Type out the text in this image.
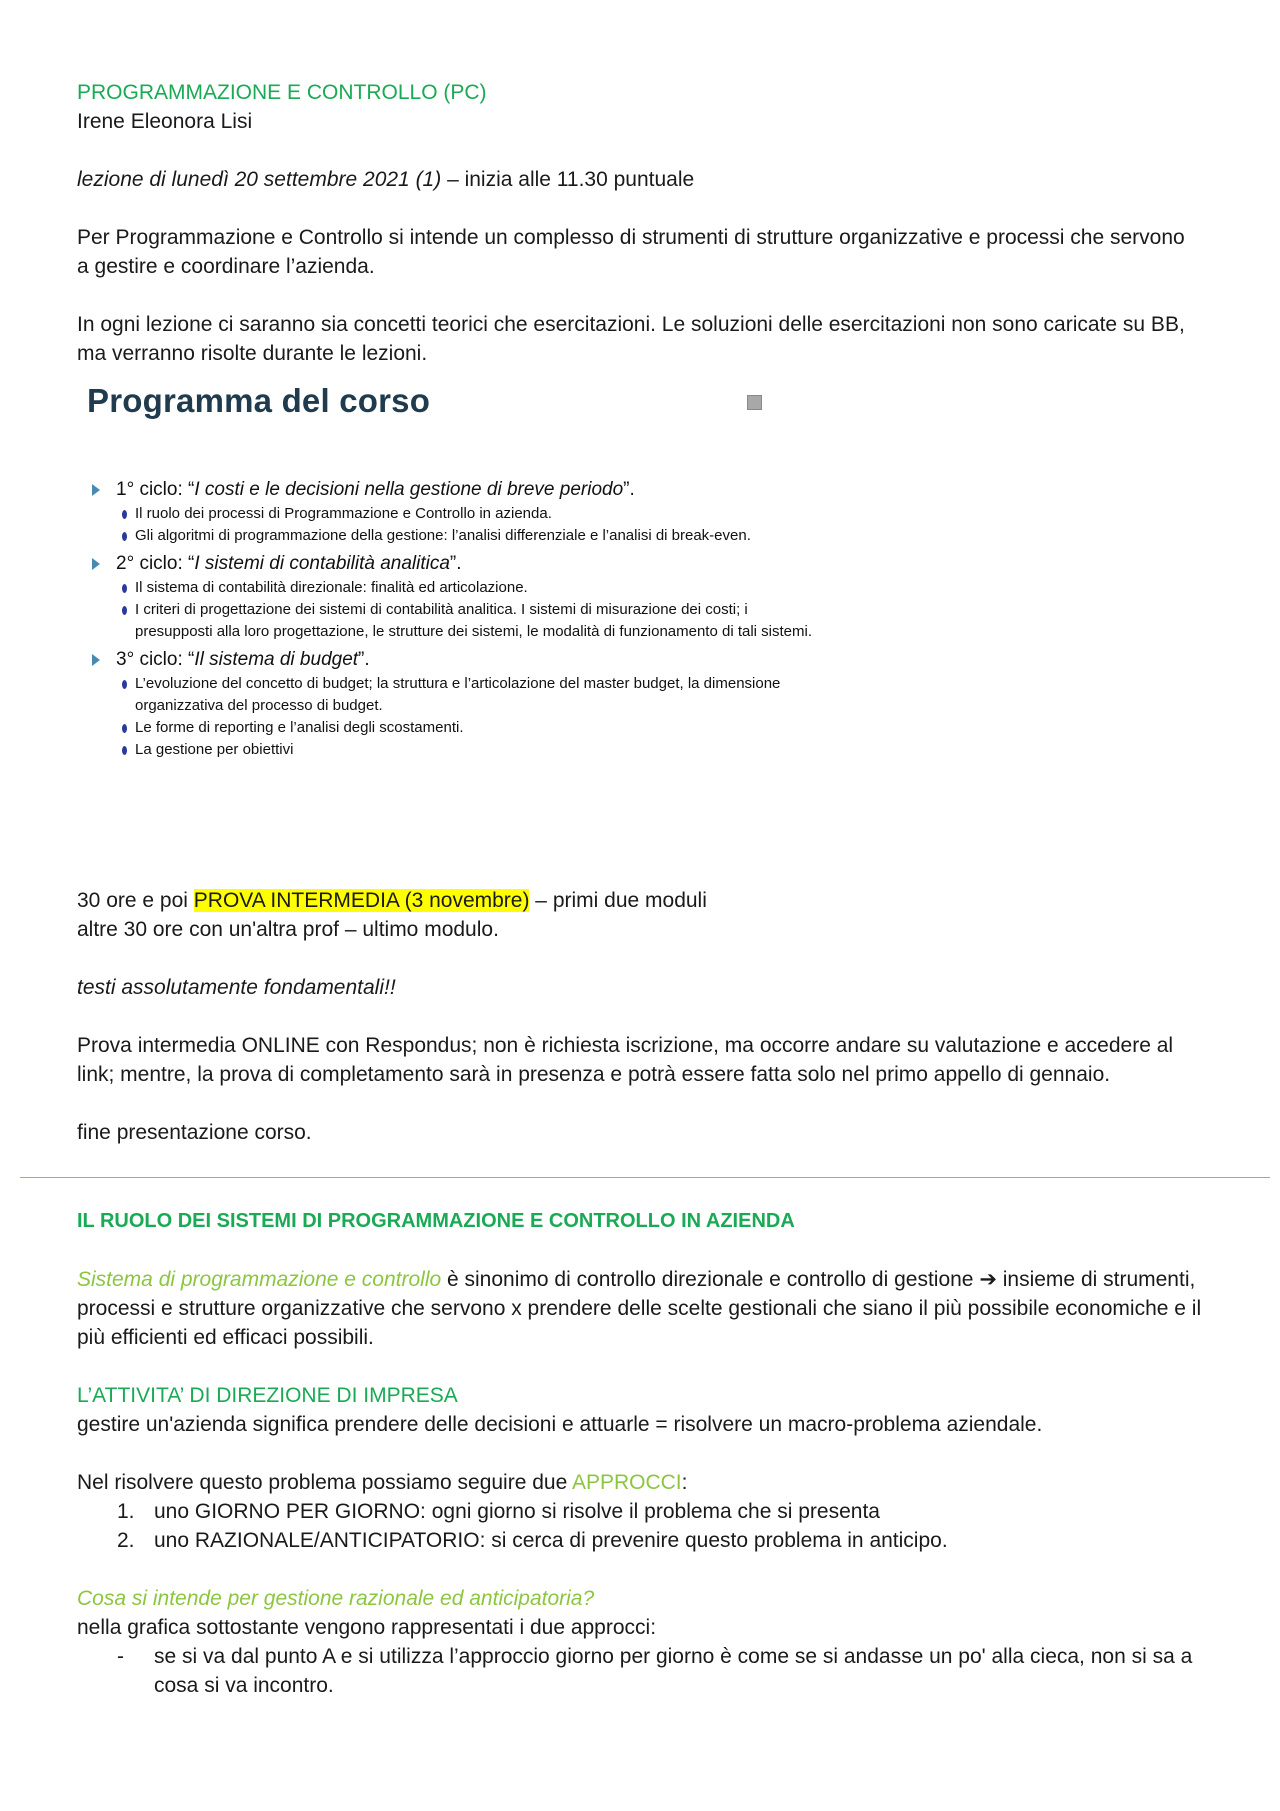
PROGRAMMAZIONE E CONTROLLO (PC)

Irene Eleonora Lisi

lezione di lunedì 20 settembre 2021 (1) – inizia alle 11.30 puntuale

Per Programmazione e Controllo si intende un complesso di strumenti di strutture organizzative e processi che servono a gestire e coordinare l’azienda.

In ogni lezione ci saranno sia concetti teorici che esercitazioni. Le soluzioni delle esercitazioni non sono caricate su BB, ma verranno risolte durante le lezioni.

Programma del corso
1° ciclo: “I costi e le decisioni nella gestione di breve periodo”.
Il ruolo dei processi di Programmazione e Controllo in azienda.
Gli algoritmi di programmazione della gestione: l’analisi differenziale e l’analisi di break-even.
2° ciclo: “I sistemi di contabilità analitica”.
Il sistema di contabilità direzionale: finalità ed articolazione.
I criteri di progettazione dei sistemi di contabilità analitica. I sistemi di misurazione dei costi; i presupposti alla loro progettazione, le strutture dei sistemi, le modalità di funzionamento di tali sistemi.
3° ciclo: “Il sistema di budget”.
L’evoluzione del concetto di budget; la struttura e l’articolazione del master budget, la dimensione organizzativa del processo di budget.
Le forme di reporting e l’analisi degli scostamenti.
La gestione per obiettivi

30 ore e poi PROVA INTERMEDIA (3 novembre) – primi due moduli

altre 30 ore con un'altra prof – ultimo modulo.

testi assolutamente fondamentali!!

Prova intermedia ONLINE con Respondus; non è richiesta iscrizione, ma occorre andare su valutazione e accedere al link; mentre, la prova di completamento sarà in presenza e potrà essere fatta solo nel primo appello di gennaio.

fine presentazione corso.

IL RUOLO DEI SISTEMI DI PROGRAMMAZIONE E CONTROLLO IN AZIENDA

Sistema di programmazione e controllo è sinonimo di controllo direzionale e controllo di gestione ➔ insieme di strumenti, processi e strutture organizzative che servono x prendere delle scelte gestionali che siano il più possibile economiche e il più efficienti ed efficaci possibili.

L’ATTIVITA’ DI DIREZIONE DI IMPRESA

gestire un'azienda significa prendere delle decisioni e attuarle = risolvere un macro-problema aziendale.

Nel risolvere questo problema possiamo seguire due APPROCCI:

1. uno GIORNO PER GIORNO: ogni giorno si risolve il problema che si presenta
2. uno RAZIONALE/ANTICIPATORIO: si cerca di prevenire questo problema in anticipo.

Cosa si intende per gestione razionale ed anticipatoria?

nella grafica sottostante vengono rappresentati i due approcci:

- se si va dal punto A e si utilizza l’approccio giorno per giorno è come se si andasse un po' alla cieca, non si sa a cosa si va incontro.
